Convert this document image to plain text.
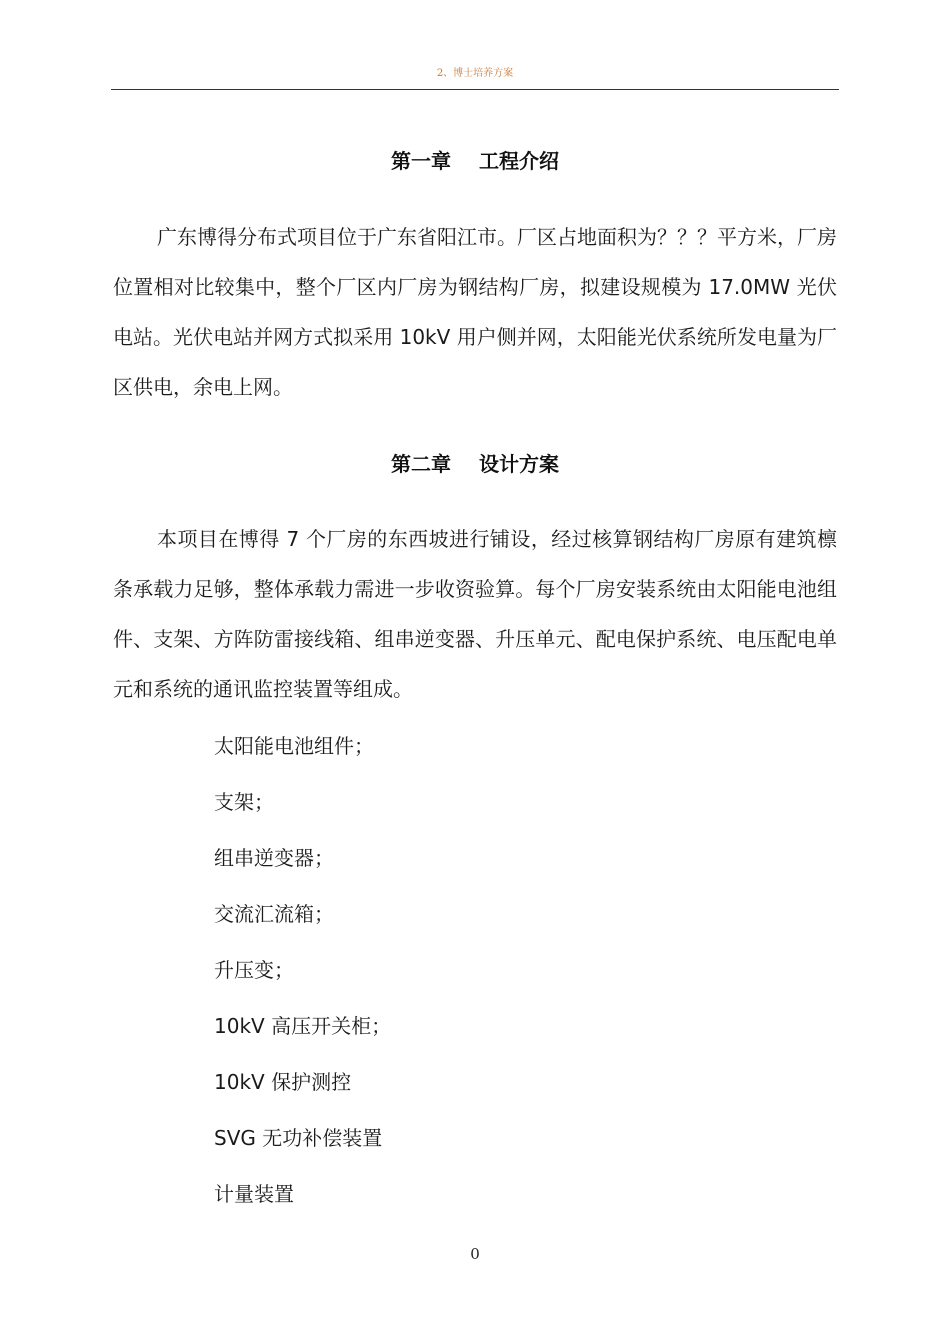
2、博士培养方案
第一章 工程介绍

广东博得分布式项目位于广东省阳江市。厂区占地面积为？？？平方米，厂房位置相对比较集中，整个厂区内厂房为钢结构厂房，拟建设规模为 17.0MW 光伏电站。光伏电站并网方式拟采用 10kV 用户侧并网，太阳能光伏系统所发电量为厂区供电，余电上网。

第二章 设计方案

本项目在博得 7 个厂房的东西坡进行铺设，经过核算钢结构厂房原有建筑檩条承载力足够，整体承载力需进一步收资验算。每个厂房安装系统由太阳能电池组件、支架、方阵防雷接线箱、组串逆变器、升压单元、配电保护系统、电压配电单元和系统的通讯监控装置等组成。

太阳能电池组件；
支架；
组串逆变器；
交流汇流箱；
升压变；
10kV 高压开关柜；
10kV 保护测控
SVG 无功补偿装置
计量装置
0
